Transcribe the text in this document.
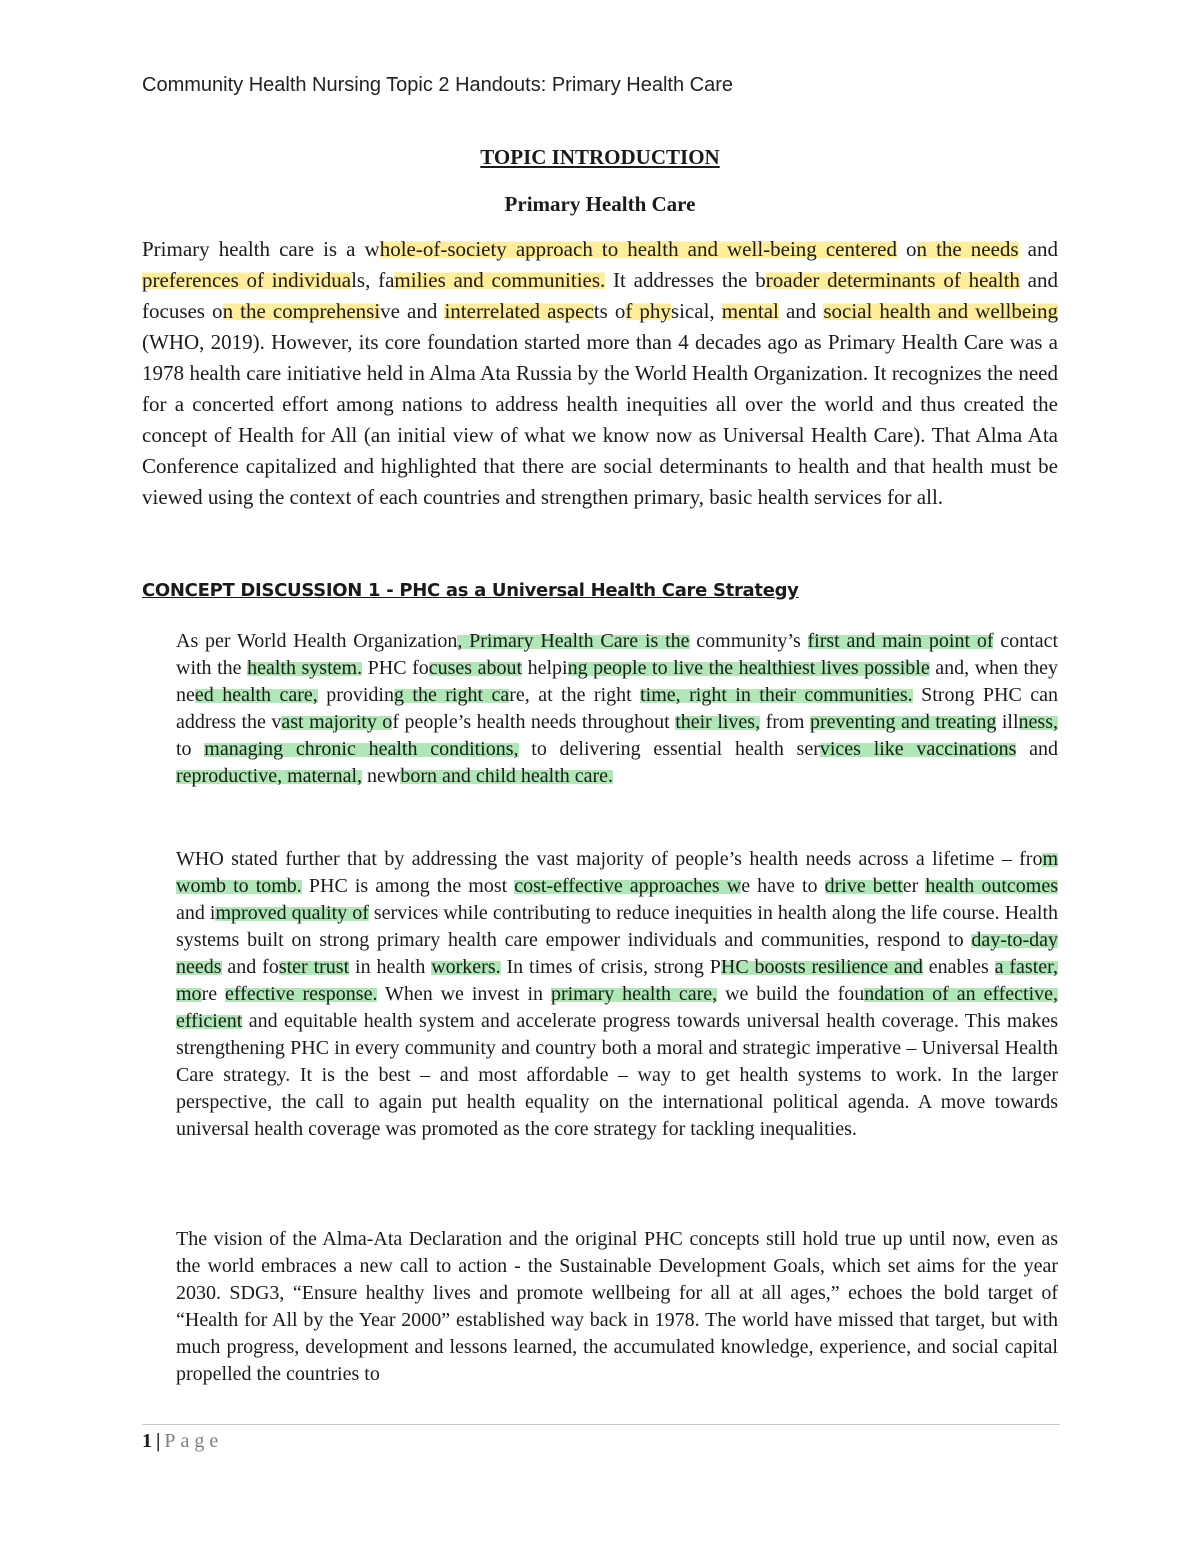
Community Health Nursing Topic 2 Handouts: Primary Health Care
TOPIC INTRODUCTION
Primary Health Care

Primary health care is a whole-of-society approach to health and well-being centered on the needs and preferences of individuals, families and communities. It addresses the broader determinants of health and focuses on the comprehensive and interrelated aspects of physical, mental and social health and wellbeing (WHO, 2019). However, its core foundation started more than 4 decades ago as Primary Health Care was a 1978 health care initiative held in Alma Ata Russia by the World Health Organization. It recognizes the need for a concerted effort among nations to address health inequities all over the world and thus created the concept of Health for All (an initial view of what we know now as Universal Health Care). That Alma Ata Conference capitalized and highlighted that there are social determinants to health and that health must be viewed using the context of each countries and strengthen primary, basic health services for all.

CONCEPT DISCUSSION 1 - PHC as a Universal Health Care Strategy

As per World Health Organization, Primary Health Care is the community’s first and main point of contact with the health system. PHC focuses about helping people to live the healthiest lives possible and, when they need health care, providing the right care, at the right time, right in their communities. Strong PHC can address the vast majority of people’s health needs throughout their lives, from preventing and treating illness, to managing chronic health conditions, to delivering essential health services like vaccinations and reproductive, maternal, newborn and child health care.

WHO stated further that by addressing the vast majority of people’s health needs across a lifetime – from womb to tomb. PHC is among the most cost-effective approaches we have to drive better health outcomes and improved quality of services while contributing to reduce inequities in health along the life course. Health systems built on strong primary health care empower individuals and communities, respond to day-to-day needs and foster trust in health workers. In times of crisis, strong PHC boosts resilience and enables a faster, more effective response. When we invest in primary health care, we build the foundation of an effective, efficient and equitable health system and accelerate progress towards universal health coverage. This makes strengthening PHC in every community and country both a moral and strategic imperative – Universal Health Care strategy. It is the best – and most affordable – way to get health systems to work. In the larger perspective, the call to again put health equality on the international political agenda. A move towards universal health coverage was promoted as the core strategy for tackling inequalities.

The vision of the Alma-Ata Declaration and the original PHC concepts still hold true up until now, even as the world embraces a new call to action - the Sustainable Development Goals, which set aims for the year 2030. SDG3, “Ensure healthy lives and promote wellbeing for all at all ages,” echoes the bold target of “Health for All by the Year 2000” established way back in 1978. The world have missed that target, but with much progress, development and lessons learned, the accumulated knowledge, experience, and social capital propelled the countries to

1 | Page
